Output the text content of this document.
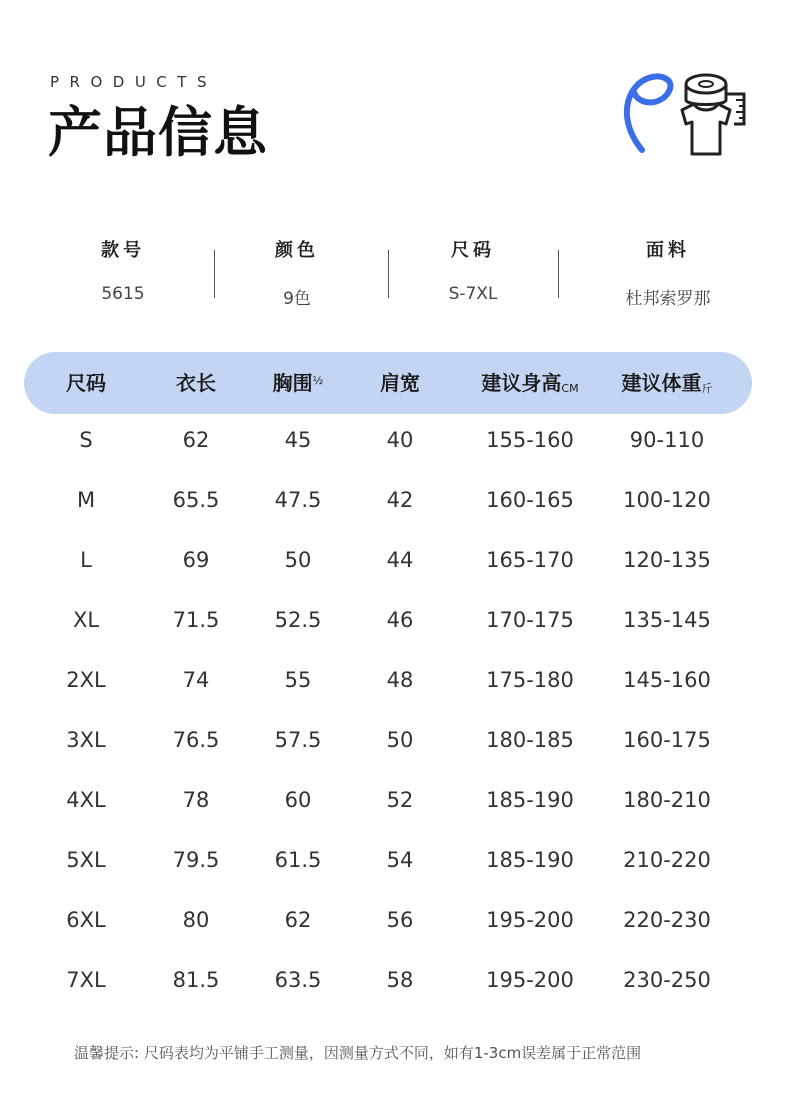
PRODUCTS
产品信息
款号
5615
颜色
9色
尺码
S-7XL
面料
杜邦索罗那
尺码	衣长	胸围$^{\frac{1}{2}}$	肩宽	建议身高$_{CM}$ 建议体重$_斤$
S	62	45	40	155-160	90-110
M	65.5	47.5	42	160-165 100-120
L	69	50	44	165-170 120-135
XL	71.5	52.5	46	170-175 135-145
2XL	74	55	48	175-180 145-160
3XL	76.5	57.5	50	180-185 160-175
4XL	78	60	52	185-190 180-210
5XL	79.5	61.5	54	185-190 210-220
6XL	80	62	56	195-200 220-230
7XL	81.5	63.5	58	195-200 230-250
温馨提示: 尺码表均为平铺手工测量，因测量方式不同，如有1-3cm误差属于正常范围
